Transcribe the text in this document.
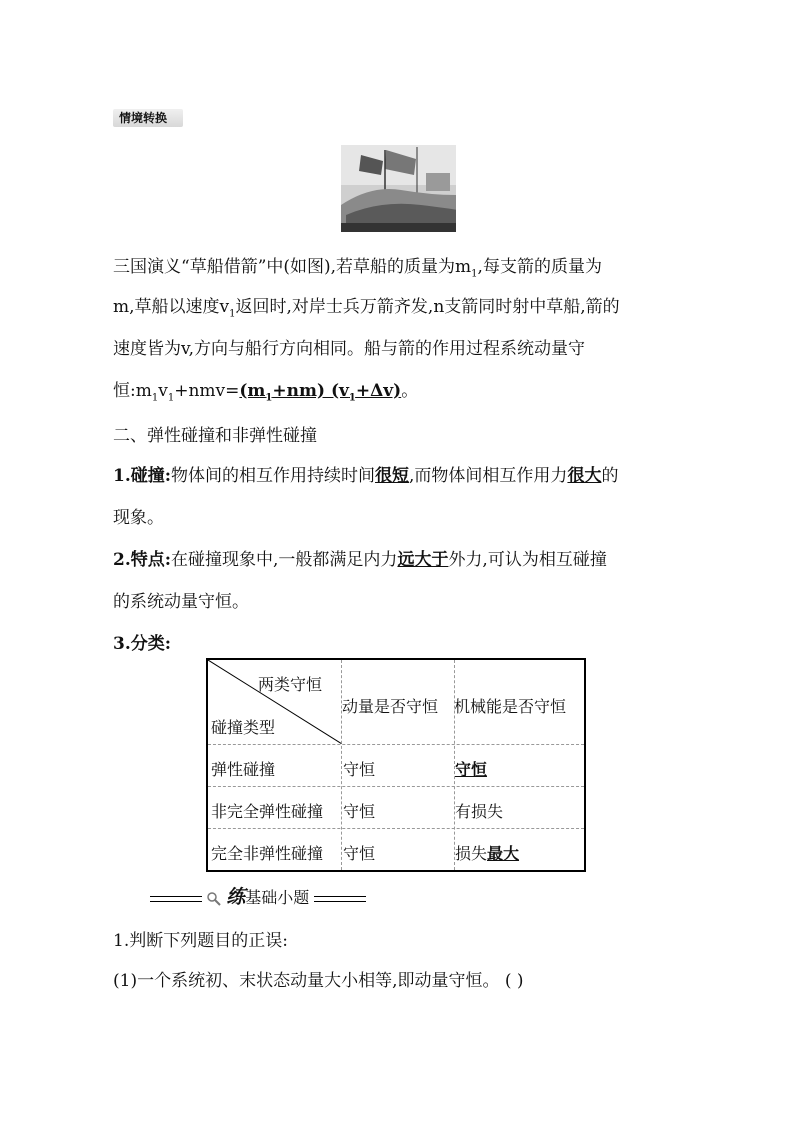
情境转换
三国演义“草船借箭”中(如图),若草船的质量为$m_1$,每支箭的质量为
m,草船以速度$v_1$返回时,对岸士兵万箭齐发,n支箭同时射中草船,箭的
速度皆为v,方向与船行方向相同。船与箭的作用过程系统动量守
恒$:m_1v_1+nmv=(m_1+nm)$ $(v_1+\Delta v)$。
二、弹性碰撞和非弹性碰撞
1.碰撞:物体间的相互作用持续时间很短,而物体间相互作用力很大的
现象。
2.特点:在碰撞现象中,一般都满足内力远大于外力,可认为相互碰撞
的系统动量守恒。
3.分类:
两类守恒
碰撞类型
动量是否守恒 机械能是否守恒
弹性碰撞	守恒	守恒
非完全弹性碰撞 守恒	有损失
完全非弹性碰撞 守恒	损失最大
练基础小题
1.判断下列题目的正误:
(1)一个系统初、末状态动量大小相等,即动量守恒。 ( )
